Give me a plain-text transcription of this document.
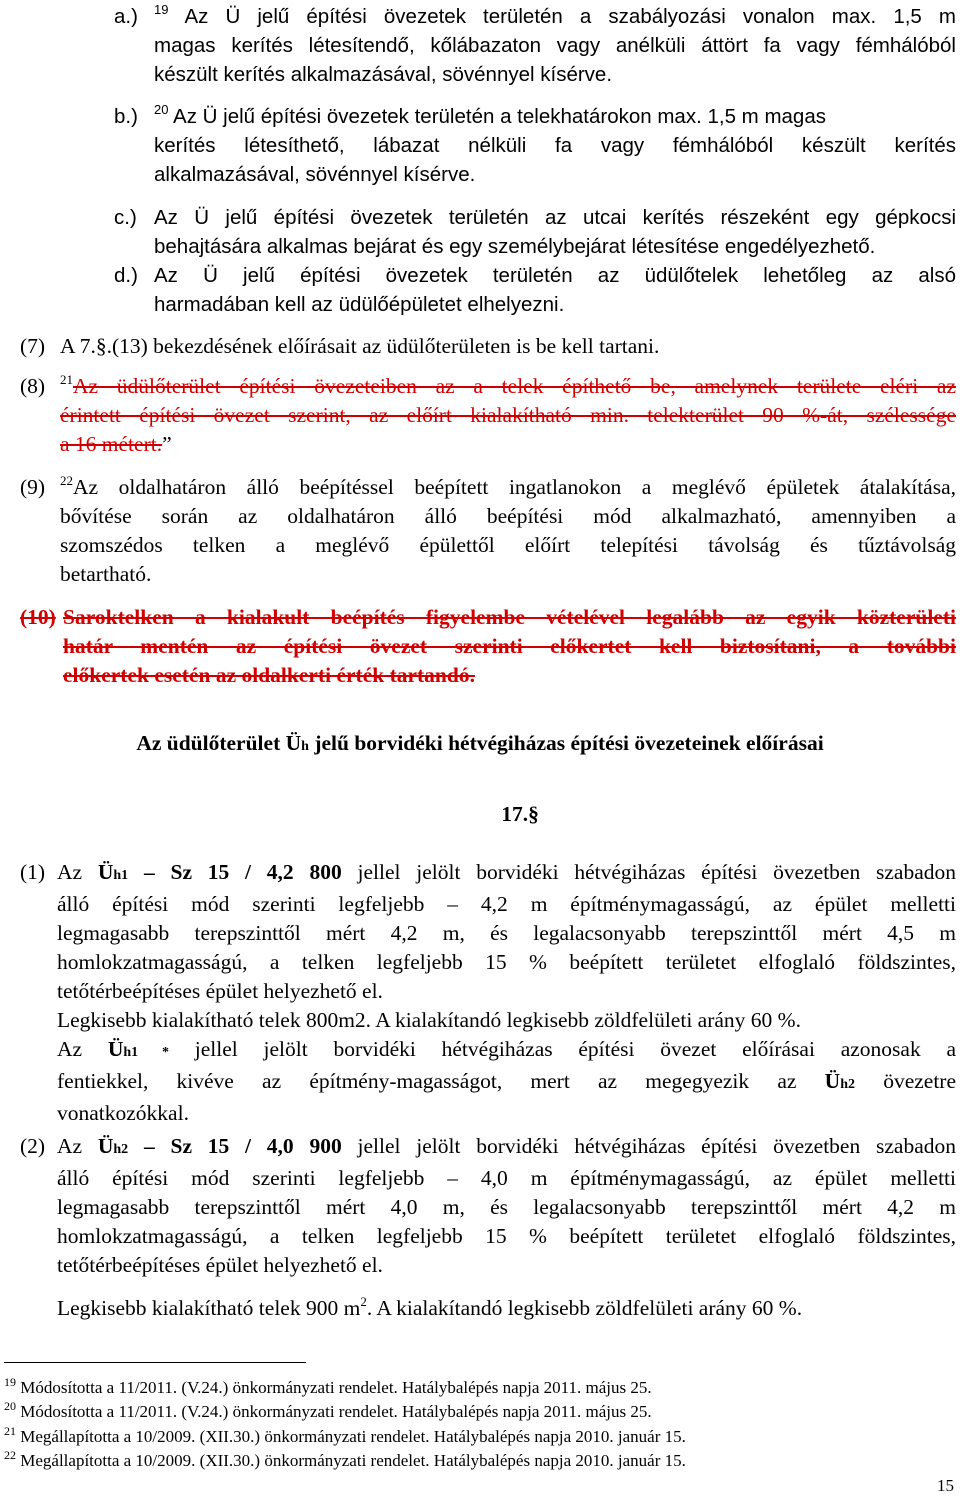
a.) $^{19}$ Az Ü jelű építési övezetek területén a szabályozási vonalon max. 1,5 m
magas kerítés létesítendő, kőlábazaton vagy anélküli áttört fa vagy fémhálóból
készült kerítés alkalmazásával, sövénnyel kísérve.
b.) $^{20}$ Az Ü jelű építési övezetek területén a telekhatárokon max. 1,5 m magas
kerítés létesíthető, lábazat nélküli fa vagy fémhálóból készült kerítés
alkalmazásával, sövénnyel kísérve.
c.) Az Ü jelű építési övezetek területén az utcai kerítés részeként egy gépkocsi
behajtására alkalmas bejárat és egy személybejárat létesítése engedélyezhető.
d.) Az Ü jelű építési övezetek területén az üdülőtelek lehetőleg az alsó
harmadában kell az üdülőépületet elhelyezni.
(7) A 7.§.(13) bekezdésének előírásait az üdülőterületen is be kell tartani.
(8) $^{21}$Az üdülőterület építési övezeteiben az a telek építhető be, amelynek területe eléri az
érintett építési övezet szerint, az előírt kialakítható min. telekterület 90 %-át, szélessége
a 16 métert.”
(9) $^{22}$Az oldalhatáron álló beépítéssel beépített ingatlanokon a meglévő épületek átalakítása,
bővítése során az oldalhatáron álló beépítési mód alkalmazható, amennyiben a
szomszédos telken a meglévő épülettől előírt telepítési távolság és tűztávolság
betartható.
(10) Saroktelken a kialakult beépítés figyelembe vételével legalább az egyik közterületi
határ mentén az építési övezet szerinti előkertet kell biztosítani, a további
előkertek esetén az oldalkerti érték tartandó.
Az üdülőterület Üh jelű borvidéki hétvégiházas építési övezeteinek előírásai
17.§
(1) Az Üh1 – Sz 15 / 4,2 800 jellel jelölt borvidéki hétvégiházas építési övezetben szabadon
álló építési mód szerinti legfeljebb – 4,2 m építménymagasságú, az épület melletti
legmagasabb terepszinttől mért 4,2 m, és legalacsonyabb terepszinttől mért 4,5 m
homlokzatmagasságú, a telken legfeljebb 15 % beépített területet elfoglaló földszintes,
tetőtérbeépítéses épület helyezhető el.
Legkisebb kialakítható telek 800m2. A kialakítandó legkisebb zöldfelületi arány 60 %.
Az Üh1 * jellel jelölt borvidéki hétvégiházas építési övezet előírásai azonosak a
fentiekkel, kivéve az építmény-magasságot, mert az megegyezik az Üh2 övezetre
vonatkozókkal.
(2) Az Üh2 – Sz 15 / 4,0 900 jellel jelölt borvidéki hétvégiházas építési övezetben szabadon
álló építési mód szerinti legfeljebb – 4,0 m építménymagasságú, az épület melletti
legmagasabb terepszinttől mért 4,0 m, és legalacsonyabb terepszinttől mért 4,2 m
homlokzatmagasságú, a telken legfeljebb 15 % beépített területet elfoglaló földszintes,
tetőtérbeépítéses épület helyezhető el.
Legkisebb kialakítható telek 900 $m^2$. A kialakítandó legkisebb zöldfelületi arány 60 %.
$^{19}$ Módosította a 11/2011. (V.24.) önkormányzati rendelet. Hatálybalépés napja 2011. május 25.
$^{20}$ Módosította a 11/2011. (V.24.) önkormányzati rendelet. Hatálybalépés napja 2011. május 25.
$^{21}$ Megállapította a 10/2009. (XII.30.) önkormányzati rendelet. Hatálybalépés napja 2010. január 15.
$^{22}$ Megállapította a 10/2009. (XII.30.) önkormányzati rendelet. Hatálybalépés napja 2010. január 15.
15
